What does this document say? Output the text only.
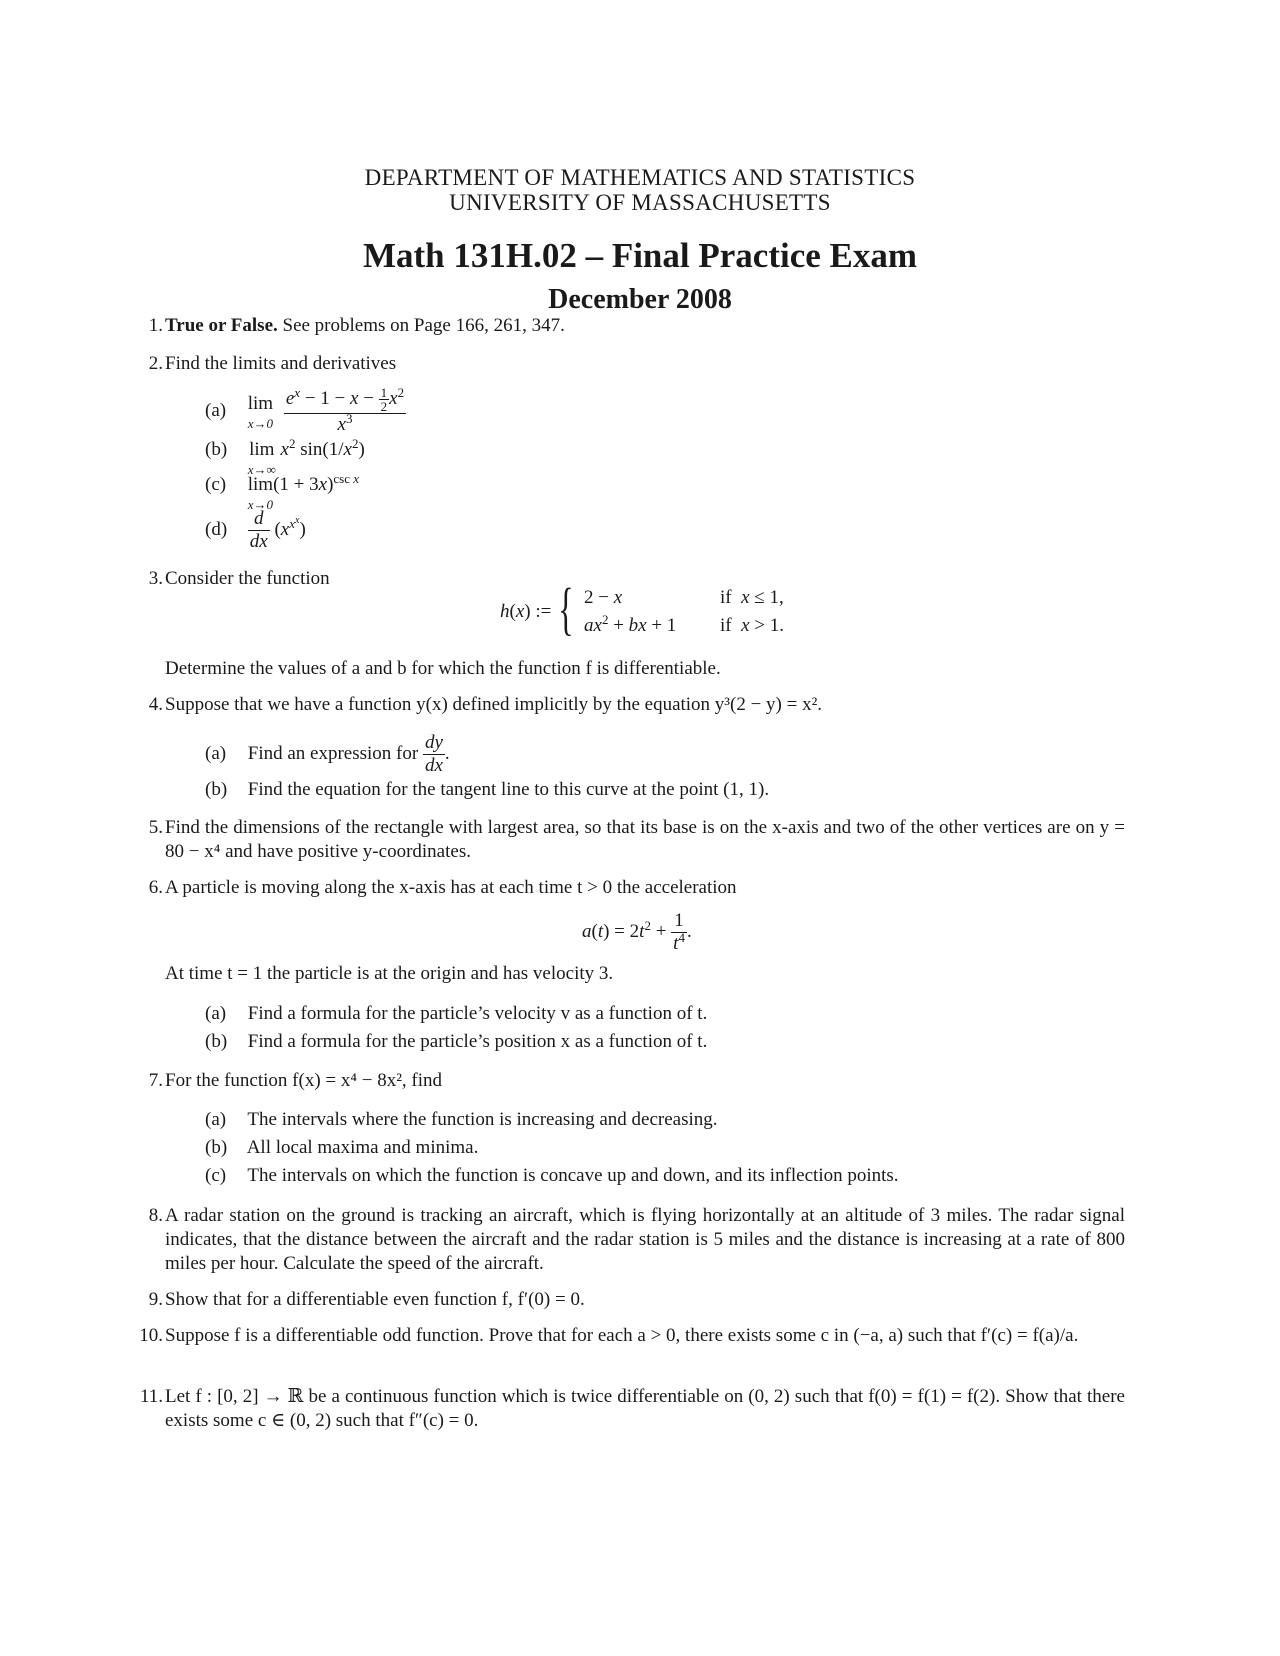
DEPARTMENT OF MATHEMATICS AND STATISTICS
UNIVERSITY OF MASSACHUSETTS
Math 131H.02 – Final Practice Exam
December 2008
1. True or False. See problems on Page 166, 261, 347.
2. Find the limits and derivatives
(a) lim
x→0
$\frac{e^x - 1 - x - \frac{1}{2} x^2}{x^3}$
(b) lim
x→∞
$x^2$ $\sin(1/x^2)$
(c) lim
x→0
$(1 + 3x)^{csc x}$
$(d) \frac{d}{dx} (x^{x^x})$
3. Consider the function
h(x) := { 2 − x	if  x ≤ 1,
$ax^2$ + bx + 1 if  x > 1.
Determine the values of a and b for which the function f is differentiable.
4. Suppose that we have a function y(x) defined implicitly by the equation y³(2 − y) = x².
(a) Find an expression for $\frac{dy}{dx}$ .
(b) Find the equation for the tangent line to this curve at the point (1, 1).
5. Find the dimensions of the rectangle with largest area, so that its base is on the x-axis and two of the other vertices are on y = 80 − x⁴ and have positive y-coordinates.
6. A particle is moving along the x-axis has at each time t > 0 the acceleration
$a(t) = 2t^2 + \frac{1}{t^4}$ .
At time t = 1 the particle is at the origin and has velocity 3.
(a) Find a formula for the particle’s velocity v as a function of t.
(b) Find a formula for the particle’s position x as a function of t.
7. For the function f(x) = x⁴ − 8x², find
(a) The intervals where the function is increasing and decreasing.
(b) All local maxima and minima.
(c) The intervals on which the function is concave up and down, and its inflection points.
8. A radar station on the ground is tracking an aircraft, which is flying horizontally at an altitude of 3 miles. The radar signal indicates, that the distance between the aircraft and the radar station is 5 miles and the distance is increasing at a rate of 800 miles per hour. Calculate the speed of the aircraft.
9. Show that for a differentiable even function f, f′(0) = 0.
10. Suppose f is a differentiable odd function. Prove that for each a > 0, there exists some c in (−a, a) such that f′(c) = f(a)/a.
11. Let f : [0, 2] → ℝ be a continuous function which is twice differentiable on (0, 2) such that f(0) = f(1) = f(2). Show that there exists some c ∈ (0, 2) such that f″(c) = 0.
